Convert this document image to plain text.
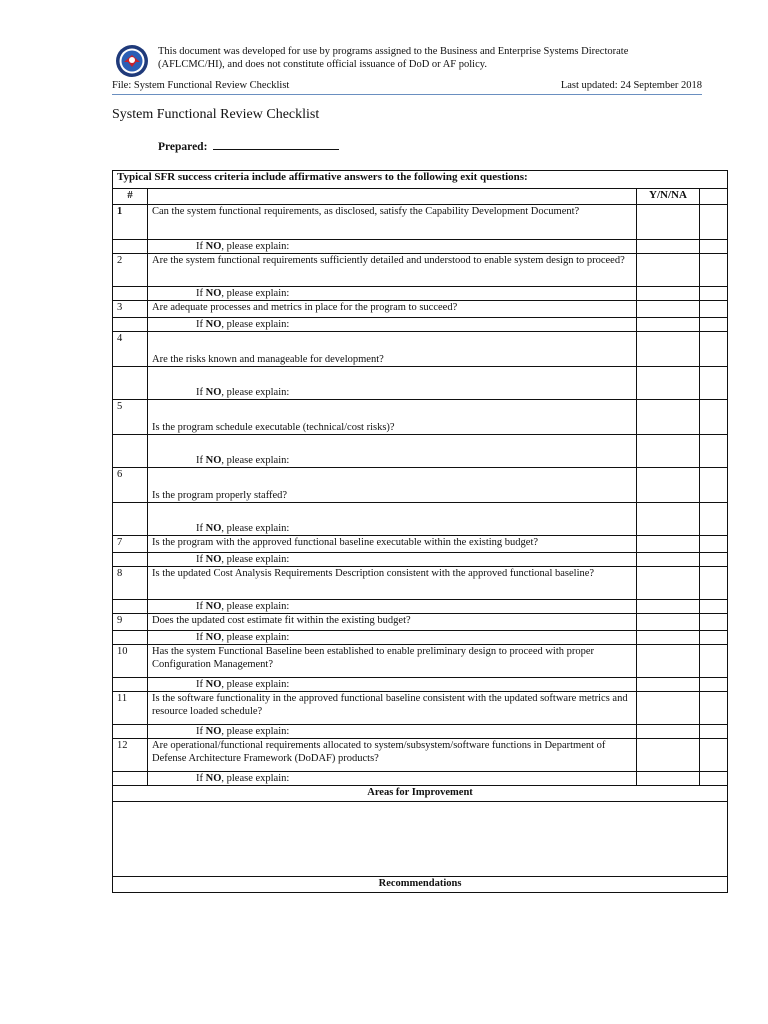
This document was developed for use by programs assigned to the Business and Enterprise Systems Directorate
(AFLCMC/HI), and does not constitute official issuance of DoD or AF policy.
File: System Functional Review Checklist	Last updated: 24 September 2018
System Functional Review Checklist
Prepared:
Typical SFR success criteria include affirmative answers to the following exit questions:			
#		Y/N/NA	
1	Can the system functional requirements, as disclosed, satisfy the Capability Development Document?		
	If NO, please explain:		
2	Are the system functional requirements sufficiently detailed and understood to enable system design to proceed?		
	If NO, please explain:		
3	Are adequate processes and metrics in place for the program to succeed?		
	If NO, please explain:		
4	Are the risks known and manageable for development?		
	If NO, please explain:		
5	Is the program schedule executable (technical/cost risks)?		
	If NO, please explain:		
6	Is the program properly staffed?		
	If NO, please explain:		
7	Is the program with the approved functional baseline executable within the existing budget?		
	If NO, please explain:		
8	Is the updated Cost Analysis Requirements Description consistent with the approved functional baseline?		
	If NO, please explain:		
9	Does the updated cost estimate fit within the existing budget?		
	If NO, please explain:		
10	Has the system Functional Baseline been established to enable preliminary design to proceed with proper Configuration Management?		
	If NO, please explain:		
11	Is the software functionality in the approved functional baseline consistent with the updated software metrics and resource loaded schedule?		
	If NO, please explain:		
12	Are operational/functional requirements allocated to system/subsystem/software functions in Department of Defense Architecture Framework (DoDAF) products?		
	If NO, please explain:		
Areas for Improvement			

Recommendations			
